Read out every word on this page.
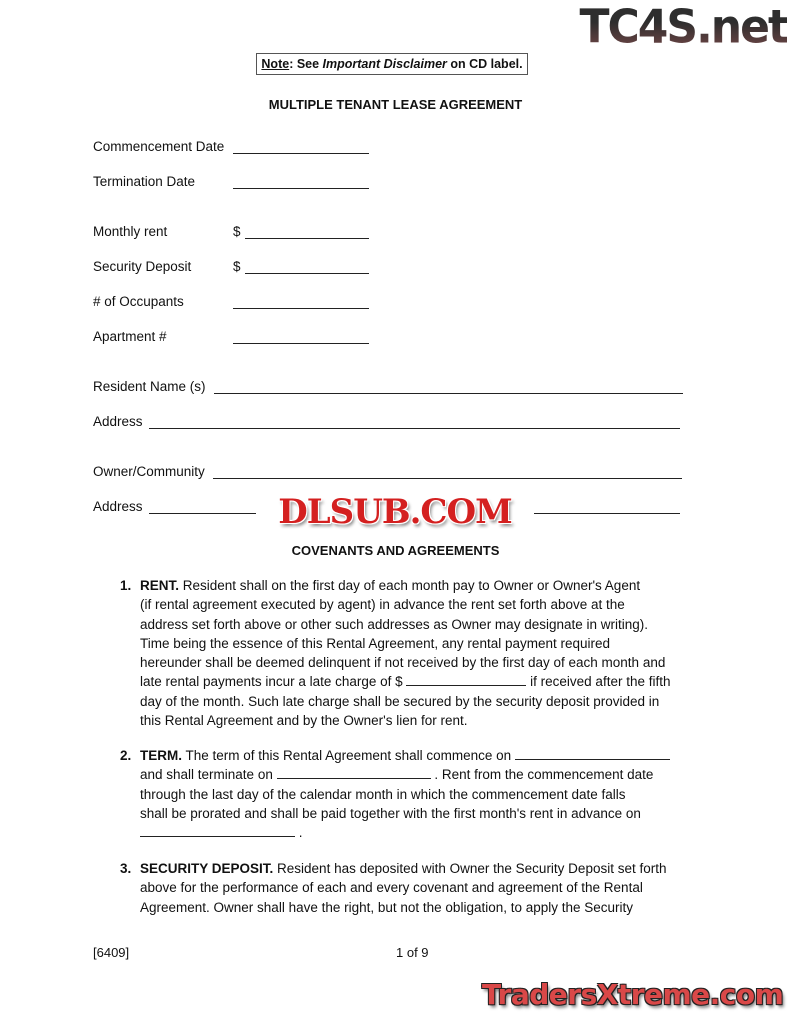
TC4S.net
Note: See Important Disclaimer on CD label.
MULTIPLE TENANT LEASE AGREEMENT
Commencement Date
Termination Date
Monthly rent	$
Security Deposit	$
# of Occupants
Apartment #
Resident Name (s)
Address
Owner/Community
Address	DLSUB.COM
COVENANTS AND AGREEMENTS
1. RENT. Resident shall on the first day of each month pay to Owner or Owner's Agent
(if rental agreement executed by agent) in advance the rent set forth above at the
address set forth above or other such addresses as Owner may designate in writing).
Time being the essence of this Rental Agreement, any rental payment required
hereunder shall be deemed delinquent if not received by the first day of each month and
late rental payments incur a late charge of $	if received after the fifth
day of the month. Such late charge shall be secured by the security deposit provided in
this Rental Agreement and by the Owner's lien for rent.
2. TERM. The term of this Rental Agreement shall commence on
and shall terminate on	. Rent from the commencement date
through the last day of the calendar month in which the commencement date falls
shall be prorated and shall be paid together with the first month's rent in advance on
.
3. SECURITY DEPOSIT. Resident has deposited with Owner the Security Deposit set forth
above for the performance of each and every covenant and agreement of the Rental
Agreement. Owner shall have the right, but not the obligation, to apply the Security
[6409]	1 of 9
TradersXtreme.com
